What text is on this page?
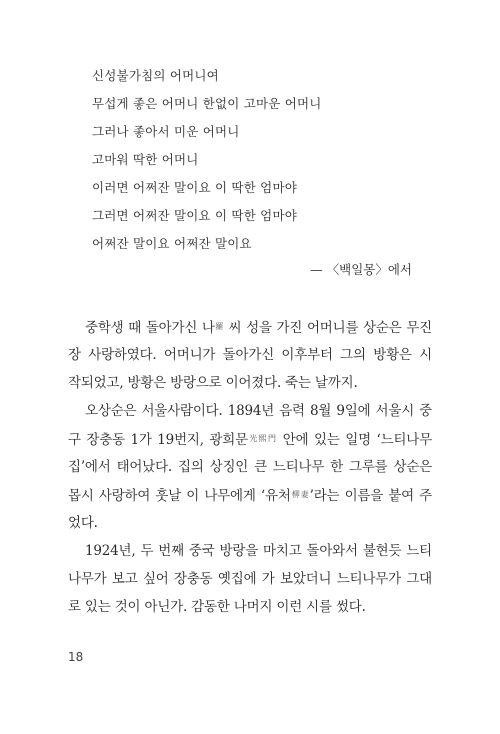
신성불가침의 어머니여
무섭게 좋은 어머니 한없이 고마운 어머니
그러나 좋아서 미운 어머니
고마워 딱한 어머니
이러면 어쩌잔 말이요 이 딱한 엄마야
그러면 어쩌잔 말이요 이 딱한 엄마야
어쩌잔 말이요 어쩌잔 말이요
— 〈백일몽〉에서
중학생 때 돌아가신 나$^羅$ 씨 성을 가진 어머니를 상순은 무진
장 사랑하였다. 어머니가 돌아가신 이후부터 그의 방황은 시
작되었고, 방황은 방랑으로 이어졌다. 죽는 날까지.
오상순은 서울사람이다. 1894년 음력 8월 9일에 서울시 중
구 장충동 1가 19번지, 광희문$^{光熙門}$ 안에 있는 일명 ‘느티나무
집’에서 태어났다. 집의 상징인 큰 느티나무 한 그루를 상순은
몹시 사랑하여 훗날 이 나무에게 ‘유처$^{柳妻}$’라는 이름을 붙여 주
었다.
1924년, 두 번째 중국 방랑을 마치고 돌아와서 불현듯 느티
나무가 보고 싶어 장충동 옛집에 가 보았더니 느티나무가 그대
로 있는 것이 아닌가. 감동한 나머지 이런 시를 썼다.
18
